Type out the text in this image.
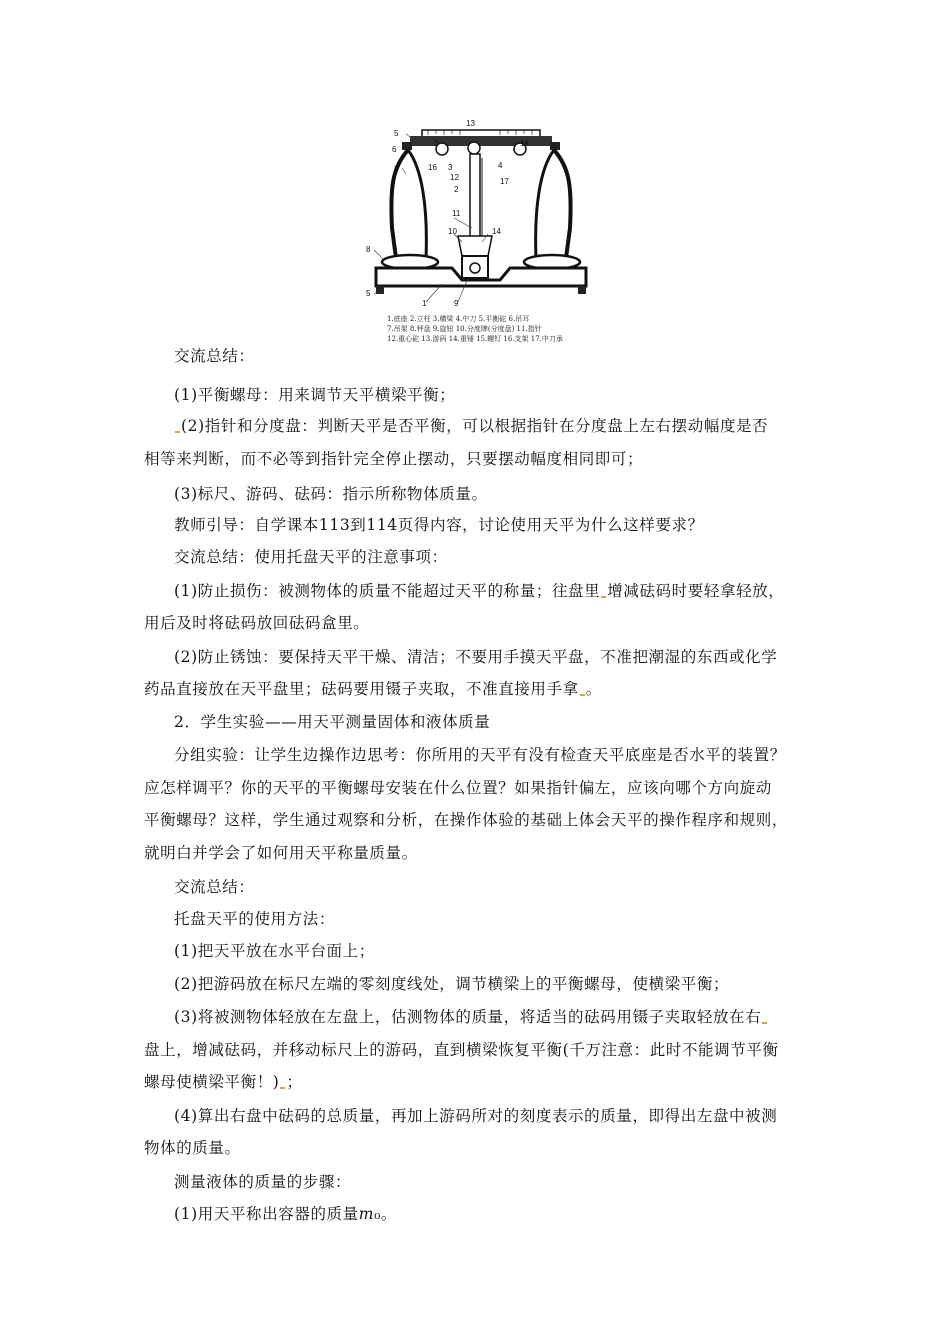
13
5
6
7
0
16 3
12
2
11
10
8
5
1	9
4
17
14
18
1.底座 2.立柱 3.横梁 4.中刀 5.平衡砣 6.吊耳
7.吊架 8.秤盘 9.旋钮 10.分度牌(分度盘) 11.指针
12.重心砣 13.游码 14.重锤 15.螺钉 16.支架 17.中刀承
交流总结：
(1)平衡螺母：用来调节天平横梁平衡；
(2)指针和分度盘：判断天平是否平衡，可以根据指针在分度盘上左右摆动幅度是否
相等来判断，而不必等到指针完全停止摆动，只要摆动幅度相同即可；
(3)标尺、游码、砝码：指示所称物体质量。
教师引导：自学课本113到114页得内容，讨论使用天平为什么这样要求？
交流总结：使用托盘天平的注意事项：
(1)防止损伤：被测物体的质量不能超过天平的称量；往盘里 增减砝码时要轻拿轻放，
用后及时将砝码放回砝码盒里。
(2)防止锈蚀：要保持天平干燥、清洁；不要用手摸天平盘，不准把潮湿的东西或化学
药品直接放在天平盘里；砝码要用镊子夹取，不准直接用手拿 。
2．学生实验——用天平测量固体和液体质量
分组实验：让学生边操作边思考：你所用的天平有没有检查天平底座是否水平的装置？
应怎样调平？你的天平的平衡螺母安装在什么位置？如果指针偏左，应该向哪个方向旋动
平衡螺母？这样，学生通过观察和分析，在操作体验的基础上体会天平的操作程序和规则，
就明白并学会了如何用天平称量质量。
交流总结：
托盘天平的使用方法：
(1)把天平放在水平台面上；
(2)把游码放在标尺左端的零刻度线处，调节横梁上的平衡螺母，使横梁平衡；
(3)将被测物体轻放在左盘上，估测物体的质量，将适当的砝码用镊子夹取轻放在右
盘上，增减砝码，并移动标尺上的游码，直到横梁恢复平衡(千万注意：此时不能调节平衡
螺母使横梁平衡！) ；
(4)算出右盘中砝码的总质量，再加上游码所对的刻度表示的质量，即得出左盘中被测
物体的质量。
测量液体的质量的步骤：
(1)用天平称出容器的质量m₀。
